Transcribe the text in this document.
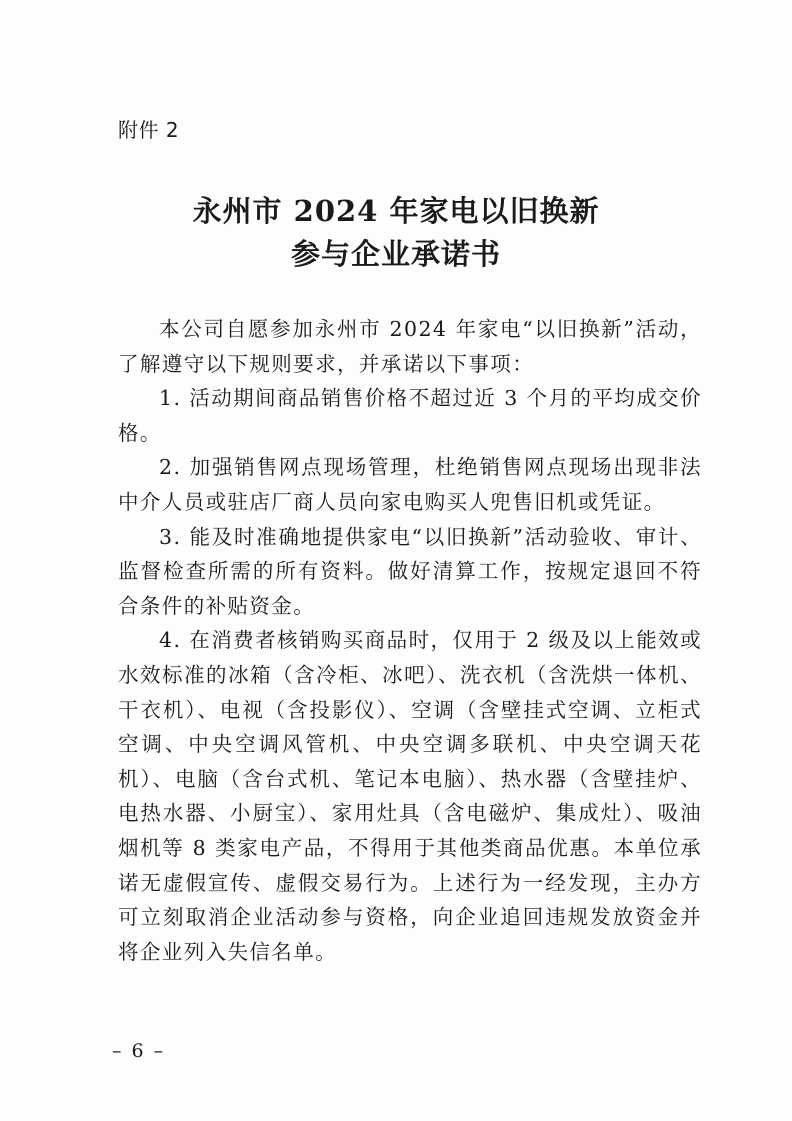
附件 2
永州市 2024 年家电以旧换新
参与企业承诺书

本公司自愿参加永州市 2024 年家电“以旧换新”活动，了解遵守以下规则要求，并承诺以下事项：

1. 活动期间商品销售价格不超过近 3 个月的平均成交价格。

2. 加强销售网点现场管理，杜绝销售网点现场出现非法中介人员或驻店厂商人员向家电购买人兜售旧机或凭证。

3. 能及时准确地提供家电“以旧换新”活动验收、审计、监督检查所需的所有资料。做好清算工作，按规定退回不符合条件的补贴资金。

4. 在消费者核销购买商品时，仅用于 2 级及以上能效或水效标准的冰箱（含冷柜、冰吧）、洗衣机（含洗烘一体机、干衣机）、电视（含投影仪）、空调（含壁挂式空调、立柜式空调、中央空调风管机、中央空调多联机、中央空调天花机）、电脑（含台式机、笔记本电脑）、热水器（含壁挂炉、电热水器、小厨宝）、家用灶具（含电磁炉、集成灶）、吸油烟机等 8 类家电产品，不得用于其他类商品优惠。本单位承诺无虚假宣传、虚假交易行为。上述行为一经发现，主办方可立刻取消企业活动参与资格，向企业追回违规发放资金并将企业列入失信名单。

– 6 –
